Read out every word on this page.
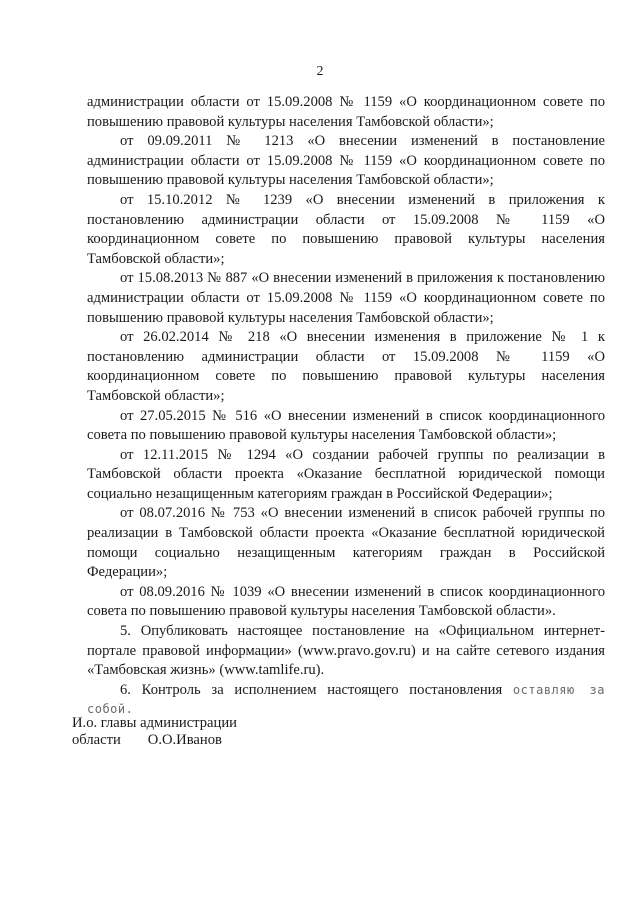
2

администрации области от 15.09.2008 № 1159 «О координационном совете по повышению правовой культуры населения Тамбовской области»;

от 09.09.2011 № 1213 «О внесении изменений в постановление администрации области от 15.09.2008 № 1159 «О координационном совете по повышению правовой культуры населения Тамбовской области»;

от 15.10.2012 № 1239 «О внесении изменений в приложения к постановлению администрации области от 15.09.2008 № 1159 «О координационном совете по повышению правовой культуры населения Тамбовской области»;

от 15.08.2013 № 887 «О внесении изменений в приложения к постановлению администрации области от 15.09.2008 № 1159 «О координационном совете по повышению правовой культуры населения Тамбовской области»;

от 26.02.2014 № 218 «О внесении изменения в приложение № 1 к постановлению администрации области от 15.09.2008 № 1159 «О координационном совете по повышению правовой культуры населения Тамбовской области»;

от 27.05.2015 № 516 «О внесении изменений в список координационного совета по повышению правовой культуры населения Тамбовской области»;

от 12.11.2015 № 1294 «О создании рабочей группы по реализации в Тамбовской области проекта «Оказание бесплатной юридической помощи социально незащищенным категориям граждан в Российской Федерации»;

от 08.07.2016 № 753 «О внесении изменений в список рабочей группы по реализации в Тамбовской области проекта «Оказание бесплатной юридической помощи социально незащищенным категориям граждан в Российской Федерации»;

от 08.09.2016 № 1039 «О внесении изменений в список координационного совета по повышению правовой культуры населения Тамбовской области».

5. Опубликовать настоящее постановление на «Официальном интернет-портале правовой информации» (www.pravo.gov.ru) и на сайте сетевого издания «Тамбовская жизнь» (www.tamlife.ru).

6. Контроль за исполнением настоящего постановления оставляю за собой.

И.о. главы администрации
области О.О.Иванов
